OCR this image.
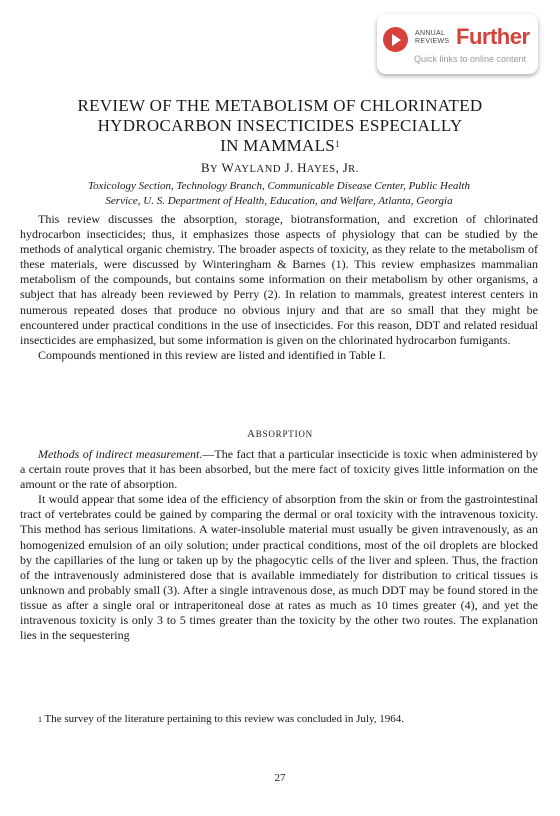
ANNUAL
REVIEWS Further
Quick links to online content
REVIEW OF THE METABOLISM OF CHLORINATED
HYDROCARBON INSECTICIDES ESPECIALLY
IN MAMMALS$^1$
BY WAYLAND J. HAYES, JR.
Toxicology Section, Technology Branch, Communicable Disease Center, Public Health
Service, U. S. Department of Health, Education, and Welfare, Atlanta, Georgia

This review discusses the absorption, storage, biotransformation, and excretion of chlorinated hydrocarbon insecticides; thus, it emphasizes those aspects of physiology that can be studied by the methods of analytical organic chemistry. The broader aspects of toxicity, as they relate to the metabolism of these materials, were discussed by Winteringham & Barnes (1). This review emphasizes mammalian metabolism of the compounds, but contains some information on their metabolism by other organisms, a subject that has already been reviewed by Perry (2). In relation to mammals, greatest interest centers in numerous repeated doses that produce no obvious injury and that are so small that they might be encountered under practical conditions in the use of insecticides. For this reason, DDT and related residual insecticides are emphasized, but some information is given on the chlorinated hydrocarbon fumigants.

Compounds mentioned in this review are listed and identified in Table I.

ABSORPTION

Methods of indirect measurement.—The fact that a particular insecticide is toxic when administered by a certain route proves that it has been absorbed, but the mere fact of toxicity gives little information on the amount or the rate of absorption.

It would appear that some idea of the efficiency of absorption from the skin or from the gastrointestinal tract of vertebrates could be gained by comparing the dermal or oral toxicity with the intravenous toxicity. This method has serious limitations. A water-insoluble material must usually be given intravenously, as an homogenized emulsion of an oily solution; under practical conditions, most of the oil droplets are blocked by the capillaries of the lung or taken up by the phagocytic cells of the liver and spleen. Thus, the fraction of the intravenously administered dose that is available immediately for distribution to critical tissues is unknown and probably small (3). After a single intravenous dose, as much DDT may be found stored in the tissue as after a single oral or intraperitoneal dose at rates as much as 10 times greater (4), and yet the intravenous toxicity is only 3 to 5 times greater than the toxicity by the other two routes. The explanation lies in the sequestering

$^1$ The survey of the literature pertaining to this review was concluded in July, 1964.
27
